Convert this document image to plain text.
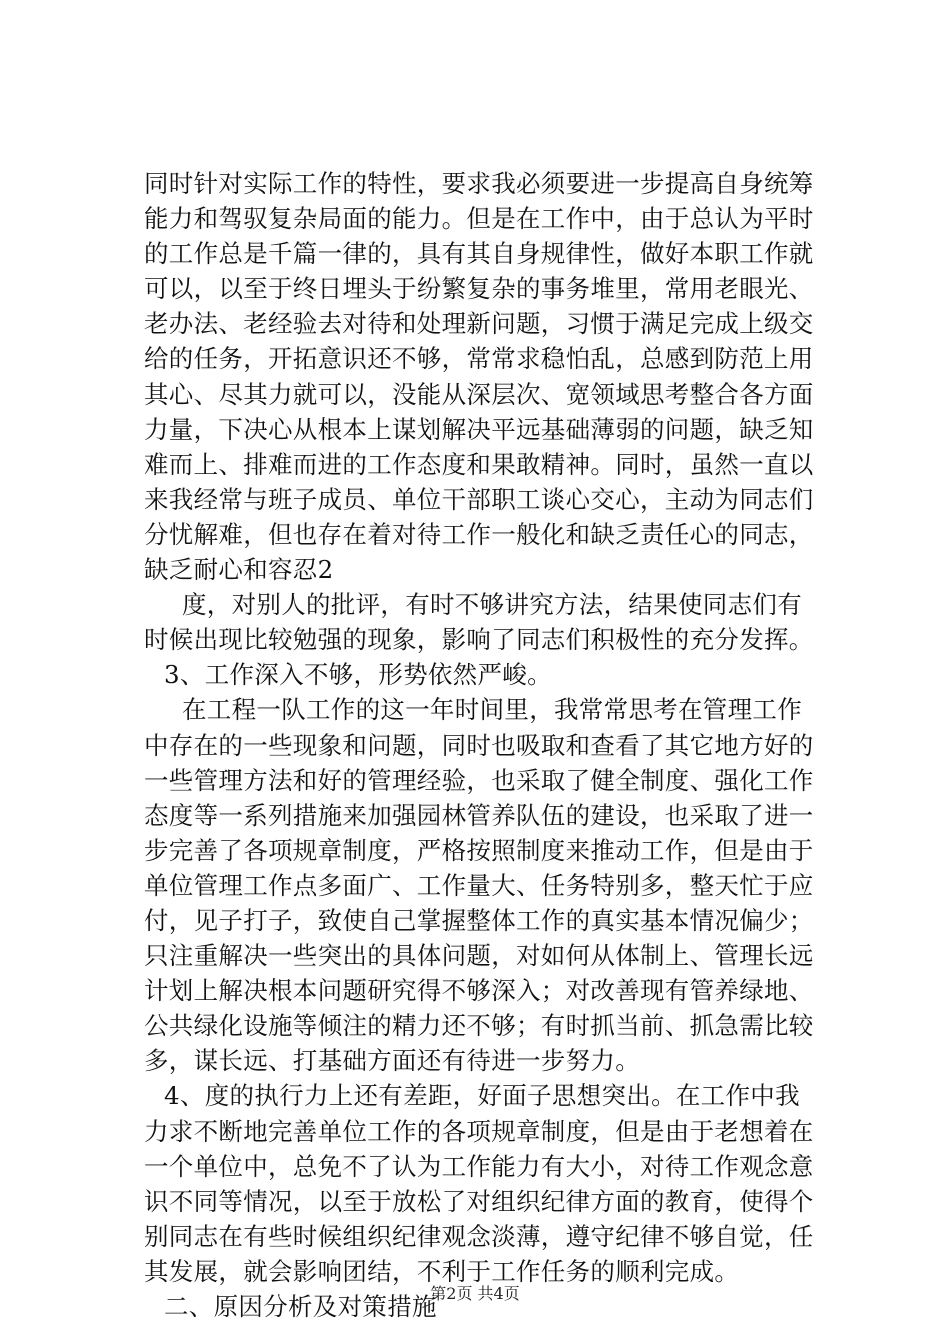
同时针对实际工作的特性，要求我必须要进一步提高自身统筹
能力和驾驭复杂局面的能力。但是在工作中，由于总认为平时
的工作总是千篇一律的，具有其自身规律性，做好本职工作就
可以，以至于终日埋头于纷繁复杂的事务堆里，常用老眼光、
老办法、老经验去对待和处理新问题，习惯于满足完成上级交
给的任务，开拓意识还不够，常常求稳怕乱，总感到防范上用
其心、尽其力就可以，没能从深层次、宽领域思考整合各方面
力量，下决心从根本上谋划解决平远基础薄弱的问题，缺乏知
难而上、排难而进的工作态度和果敢精神。同时，虽然一直以
来我经常与班子成员、单位干部职工谈心交心，主动为同志们
分忧解难，但也存在着对待工作一般化和缺乏责任心的同志，
缺乏耐心和容忍2
度，对别人的批评，有时不够讲究方法，结果使同志们有
时候出现比较勉强的现象，影响了同志们积极性的充分发挥。
3、工作深入不够，形势依然严峻。
在工程一队工作的这一年时间里，我常常思考在管理工作
中存在的一些现象和问题，同时也吸取和查看了其它地方好的
一些管理方法和好的管理经验，也采取了健全制度、强化工作
态度等一系列措施来加强园林管养队伍的建设，也采取了进一
步完善了各项规章制度，严格按照制度来推动工作，但是由于
单位管理工作点多面广、工作量大、任务特别多，整天忙于应
付，见子打子，致使自己掌握整体工作的真实基本情况偏少；
只注重解决一些突出的具体问题，对如何从体制上、管理长远
计划上解决根本问题研究得不够深入；对改善现有管养绿地、
公共绿化设施等倾注的精力还不够；有时抓当前、抓急需比较
多，谋长远、打基础方面还有待进一步努力。
4、度的执行力上还有差距，好面子思想突出。在工作中我
力求不断地完善单位工作的各项规章制度，但是由于老想着在
一个单位中，总免不了认为工作能力有大小，对待工作观念意
识不同等情况，以至于放松了对组织纪律方面的教育，使得个
别同志在有些时候组织纪律观念淡薄，遵守纪律不够自觉，任
其发展，就会影响团结，不利于工作任务的顺利完成。
二、原因分析及对策措施
第2页 共4页
